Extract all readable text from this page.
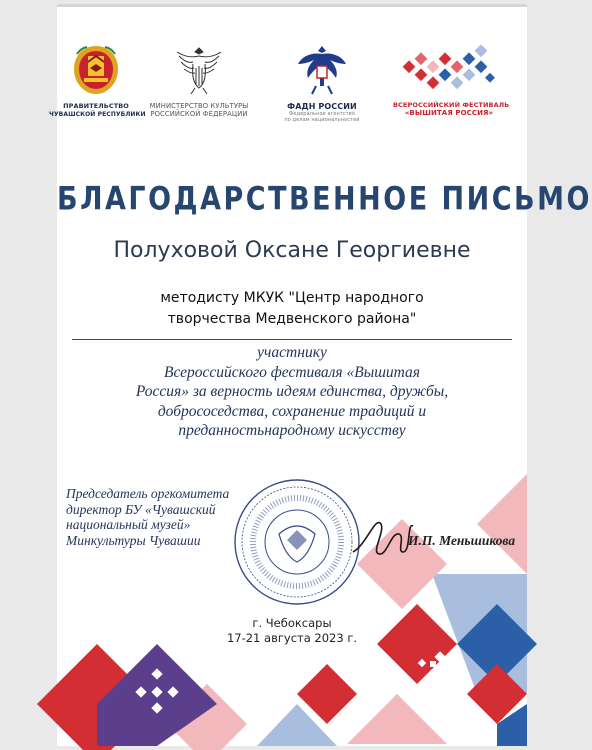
ПРАВИТЕЛЬСТВО
ЧУВАШСКОЙ РЕСПУБЛИКИ
МИНИСТЕРСТВО КУЛЬТУРЫ
РОССИЙСКОЙ ФЕДЕРАЦИИ
ФАДН РОССИИ
Федеральное агентство
по делам национальностей
ВСЕРОССИЙСКИЙ ФЕСТИВАЛЬ
«ВЫШИТАЯ РОССИЯ»
БЛАГОДАРСТВЕННОЕ ПИСЬМО
Полуховой Оксане Георгиевне
методисту МКУК "Центр народного
творчества Медвенского района"
участнику
Всероссийского фестиваля «Вышитая
Россия» за верность идеям единства, дружбы,
добрососедства, сохранение традиций и
преданностьнародному искусству
Председатель оргкомитета
директор БУ «Чувашский
национальный музей»
Минкультуры Чувашии	И.П. Меньшикова
г. Чебоксары
17-21 августа 2023 г.
